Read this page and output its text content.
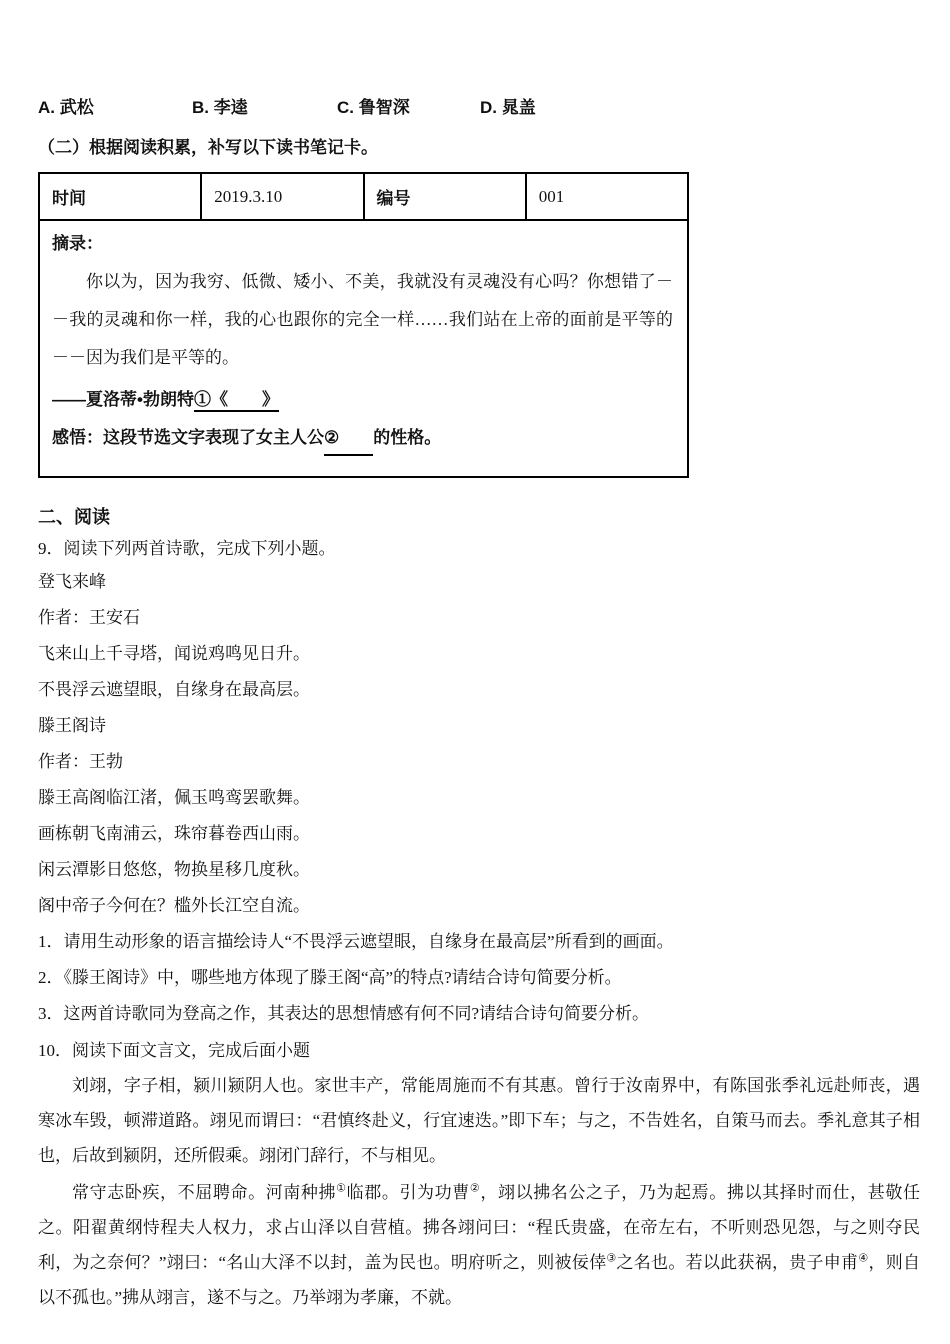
A. 武松	B. 李逵	C. 鲁智深	D. 晁盖
（二）根据阅读积累，补写以下读书笔记卡。
时间	2019.3.10	编号	001

摘录：

你以为，因为我穷、低微、矮小、不美，我就没有灵魂没有心吗？你想错了－－我的灵魂和你一样，我的心也跟你的完全一样……我们站在上帝的面前是平等的－－因为我们是平等的。

——夏洛蒂•勃朗特①《　　》
感悟：这段节选文字表现了女主人公②　　的性格。
二、阅读

9．阅读下列两首诗歌，完成下列小题。

登飞来峰

作者：王安石

飞来山上千寻塔，闻说鸡鸣见日升。

不畏浮云遮望眼，自缘身在最高层。

滕王阁诗

作者：王勃

滕王高阁临江渚，佩玉鸣鸾罢歌舞。

画栋朝飞南浦云，珠帘暮卷西山雨。

闲云潭影日悠悠，物换星移几度秋。

阁中帝子今何在？槛外长江空自流。

1．请用生动形象的语言描绘诗人“不畏浮云遮望眼，自缘身在最高层”所看到的画面。

2．《滕王阁诗》中，哪些地方体现了滕王阁“高”的特点?请结合诗句简要分析。

3．这两首诗歌同为登高之作，其表达的思想情感有何不同?请结合诗句简要分析。

10．阅读下面文言文，完成后面小题

刘翊，字子相，颍川颍阴人也。家世丰产，常能周施而不有其惠。曾行于汝南界中，有陈国张季礼远赴师丧，遇寒冰车毁，顿滞道路。翊见而谓曰：“君慎终赴义，行宜速迭。”即下车；与之，不告姓名，自策马而去。季礼意其子相也，后故到颍阴，还所假乘。翊闭门辞行，不与相见。

常守志卧疾，不屈聘命。河南种拂①临郡。引为功曹②，翊以拂名公之子，乃为起焉。拂以其择时而仕，甚敬任之。阳翟黄纲恃程夫人权力，求占山泽以自营植。拂各翊问曰：“程氏贵盛，在帝左右，不听则恐见怨，与之则夺民利，为之奈何？”翊曰：“名山大泽不以封，盖为民也。明府听之，则被佞倖③之名也。若以此获祸，贵子申甫④，则自以不孤也。”拂从翊言，遂不与之。乃举翊为孝廉，不就。
